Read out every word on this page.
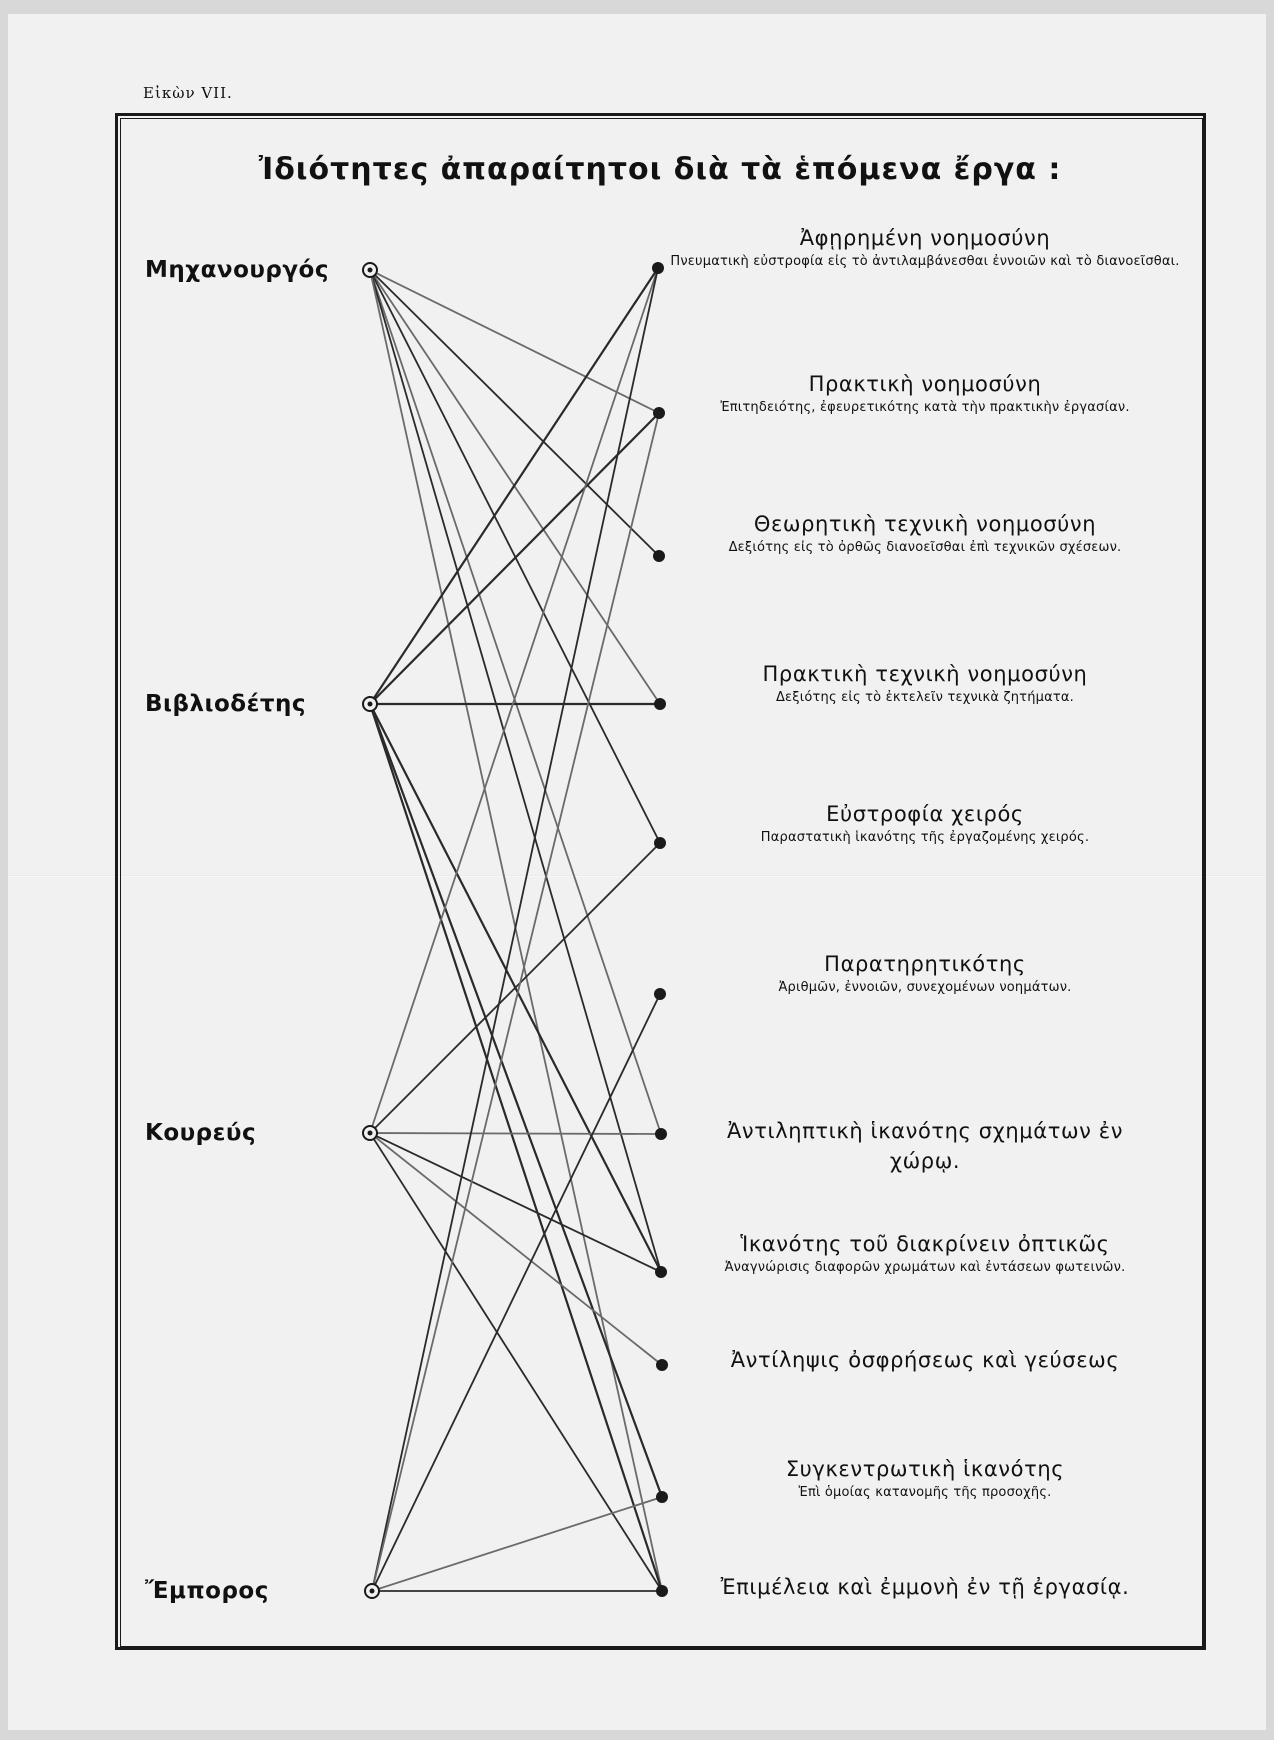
Εἰκὼν VII.
Ἰδιότητες ἀπαραίτητοι διὰ τὰ ἑπόμενα ἔργα :
Μηχανουργός
Βιβλιοδέτης
Κουρεύς
Ἔμπορος
Ἀφῃρημένη νοημοσύνη
Πνευματικὴ εὐστροφία εἰς τὸ ἀντιλαμβάνεσθαι ἐννοιῶν καὶ τὸ διανοεῖσθαι.
Πρακτικὴ νοημοσύνη
Ἐπιτηδειότης, ἐφευρετικότης κατὰ τὴν πρακτικὴν ἐργασίαν.
Θεωρητικὴ τεχνικὴ νοημοσύνη
Δεξιότης εἰς τὸ ὀρθῶς διανοεῖσθαι ἐπὶ τεχνικῶν σχέσεων.
Πρακτικὴ τεχνικὴ νοημοσύνη
Δεξιότης εἰς τὸ ἐκτελεῖν τεχνικὰ ζητήματα.
Εὐστροφία χειρός
Παραστατικὴ ἱκανότης τῆς ἐργαζομένης χειρός.
Παρατηρητικότης
Ἀριθμῶν, ἐννοιῶν, συνεχομένων νοημάτων.
Ἀντιληπτικὴ ἱκανότης σχημάτων ἐν χώρῳ.
Ἱκανότης τοῦ διακρίνειν ὀπτικῶς
Ἀναγνώρισις διαφορῶν χρωμάτων καὶ ἐντάσεων φωτεινῶν.
Ἀντίληψις ὀσφρήσεως καὶ γεύσεως
Συγκεντρωτικὴ ἱκανότης
Ἐπὶ ὁμοίας κατανομῆς τῆς προσοχῆς.
Ἐπιμέλεια καὶ ἐμμονὴ ἐν τῇ ἐργασίᾳ.
